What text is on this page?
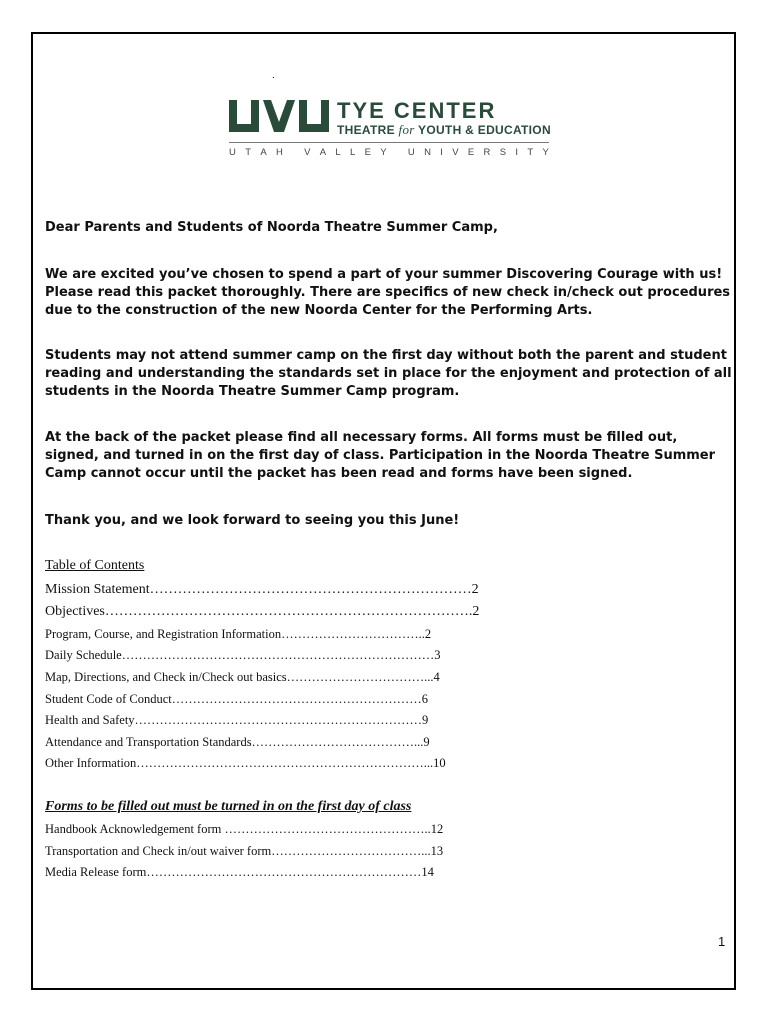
.
TYE CENTER
THEATRE for YOUTH & EDUCATION
U T A H
V A L L E Y
U N I V E R S I T Y

Dear Parents and Students of Noorda Theatre Summer Camp,

We are excited you’ve chosen to spend a part of your summer Discovering Courage with us! Please read this packet thoroughly. There are specifics of new check in/check out procedures due to the construction of the new Noorda Center for the Performing Arts.

Students may not attend summer camp on the first day without both the parent and student reading and understanding the standards set in place for the enjoyment and protection of all students in the Noorda Theatre Summer Camp program.

At the back of the packet please find all necessary forms. All forms must be filled out, signed, and turned in on the first day of class. Participation in the Noorda Theatre Summer Camp cannot occur until the packet has been read and forms have been signed.

Thank you, and we look forward to seeing you this June!

Table of Contents
Mission Statement……………………………………………………………2
Objectives…………………………………………………………………….2
Program, Course, and Registration Information……………………………..2
Daily Schedule…………………………………………………………………3
Map, Directions, and Check in/Check out basics……………………………...4
Student Code of Conduct……………………………………………………6
Health and Safety……………………………………………………………9
Attendance and Transportation Standards…………………………………...9
Other Information……………………………………………………………...10
Forms to be filled out must be turned in on the first day of class
Handbook Acknowledgement form …………………………………………..12
Transportation and Check in/out waiver form………………………………...13
Media Release form…………………………………………………………14
1
